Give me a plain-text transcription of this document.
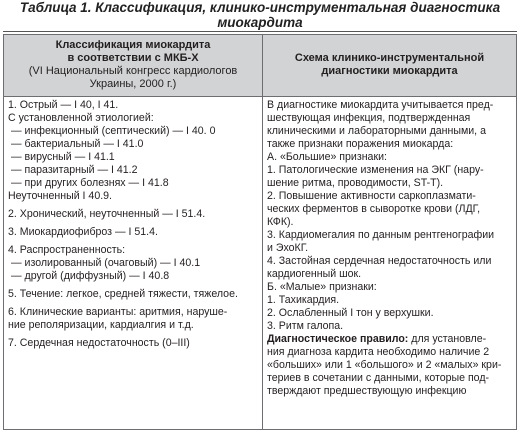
Таблица 1. Классификация, клинико-инструментальная диагностика
миокардита
Классификация миокардита
в соответствии с МКБ-Х
(VI Национальный конгресс кардиологов
Украины, 2000 г.)
Схема клинико-инструментальной
диагностики миокардита
1. Острый — I 40, I 41.
С установленной этиологией:
— инфекционный (септический) — I 40. 0
— бактериальный — I 41.0
— вирусный — I 41.1
— паразитарный — I 41.2
— при других болезнях — I 41.8
Неуточненный I 40.9.
2. Хронический, неуточненный — I 51.4.
3. Миокардиофиброз — I 51.4.
4. Распространенность:
— изолированный (очаговый) — I 40.1
— другой (диффузный) — I 40.8
5. Течение: легкое, средней тяжести, тяжелое.
6. Клинические варианты: аритмия, наруше-
ние реполяризации, кардиалгия и т.д.
7. Сердечная недостаточность (0–III)
В диагностике миокардита учитывается пред-
шествующая инфекция, подтвержденная
клиническими и лабораторными данными, а
также признаки поражения миокарда:
А. «Большие» признаки:
1. Патологические изменения на ЭКГ (нару-
шение ритма, проводимости, ST-T).
2. Повышение активности саркоплазмати-
ческих ферментов в сыворотке крови (ЛДГ,
КФК).
3. Кардиомегалия по данным рентгенографии
и ЭхоКГ.
4. Застойная сердечная недостаточность или
кардиогенный шок.
Б. «Малые» признаки:
1. Тахикардия.
2. Ослабленный I тон у верхушки.
3. Ритм галопа.
Диагностическое правило: для установле-
ния диагноза кардита необходимо наличие 2
«больших» или 1 «большого» и 2 «малых» кри-
териев в сочетании с данными, которые под-
тверждают предшествующую инфекцию
